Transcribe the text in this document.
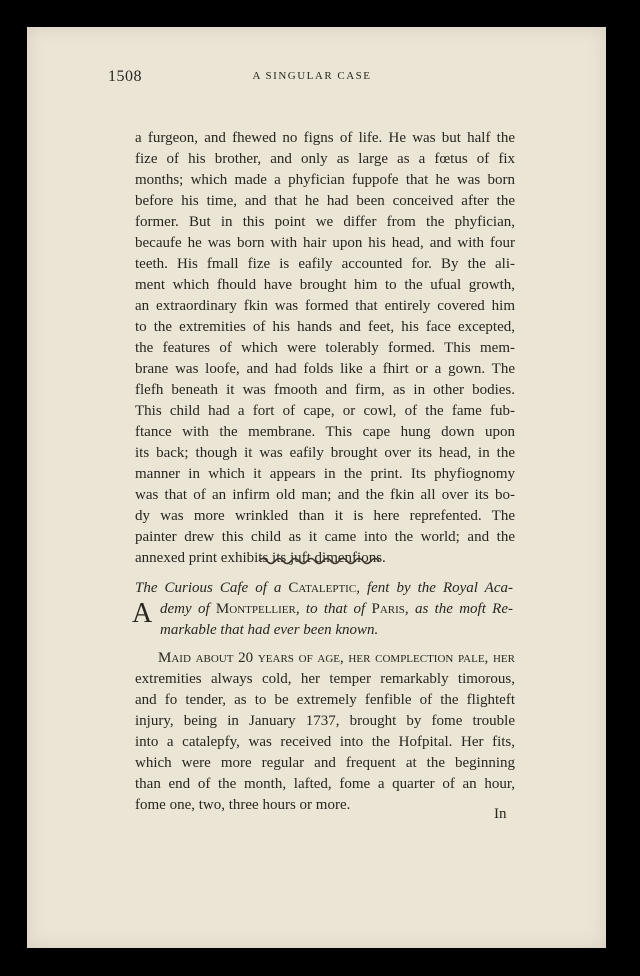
1508	A SINGULAR CASE
a furgeon, and fhewed no figns of life. He was but half the
fize of his brother, and only as large as a fœtus of fix
months; which made a phyfician fuppofe that he was born
before his time, and that he had been conceived after the
former. But in this point we differ from the phyfician,
becaufe he was born with hair upon his head, and with four
teeth. His fmall fize is eafily accounted for. By the ali-
ment which fhould have brought him to the ufual growth,
an extraordinary fkin was formed that entirely covered him
to the extremities of his hands and feet, his face excepted,
the features of which were tolerably formed. This mem-
brane was loofe, and had folds like a fhirt or a gown. The
flefh beneath it was fmooth and firm, as in other bodies.
This child had a fort of cape, or cowl, of the fame fub-
ftance with the membrane. This cape hung down upon
its back; though it was eafily brought over its head, in the
manner in which it appears in the print. Its phyfiognomy
was that of an infirm old man; and the fkin all over its bo-
dy was more wrinkled than it is here reprefented. The
painter drew this child as it came into the world; and the
annexed print exhibits its juft dimenfions.
The Curious Cafe of a Cataleptic, fent by the Royal Aca-
demy of Montpellier, to that of Paris, as the moft Re-
markable that had ever been known.
A
Maid about 20 years of age, her complection pale, her
extremities always cold, her temper remarkably timorous,
and fo tender, as to be extremely fenfible of the flighteft
injury, being in January 1737, brought by fome trouble
into a catalepfy, was received into the Hofpital. Her fits,
which were more regular and frequent at the beginning
than end of the month, lafted, fome a quarter of an hour,
fome one, two, three hours or more.
In
